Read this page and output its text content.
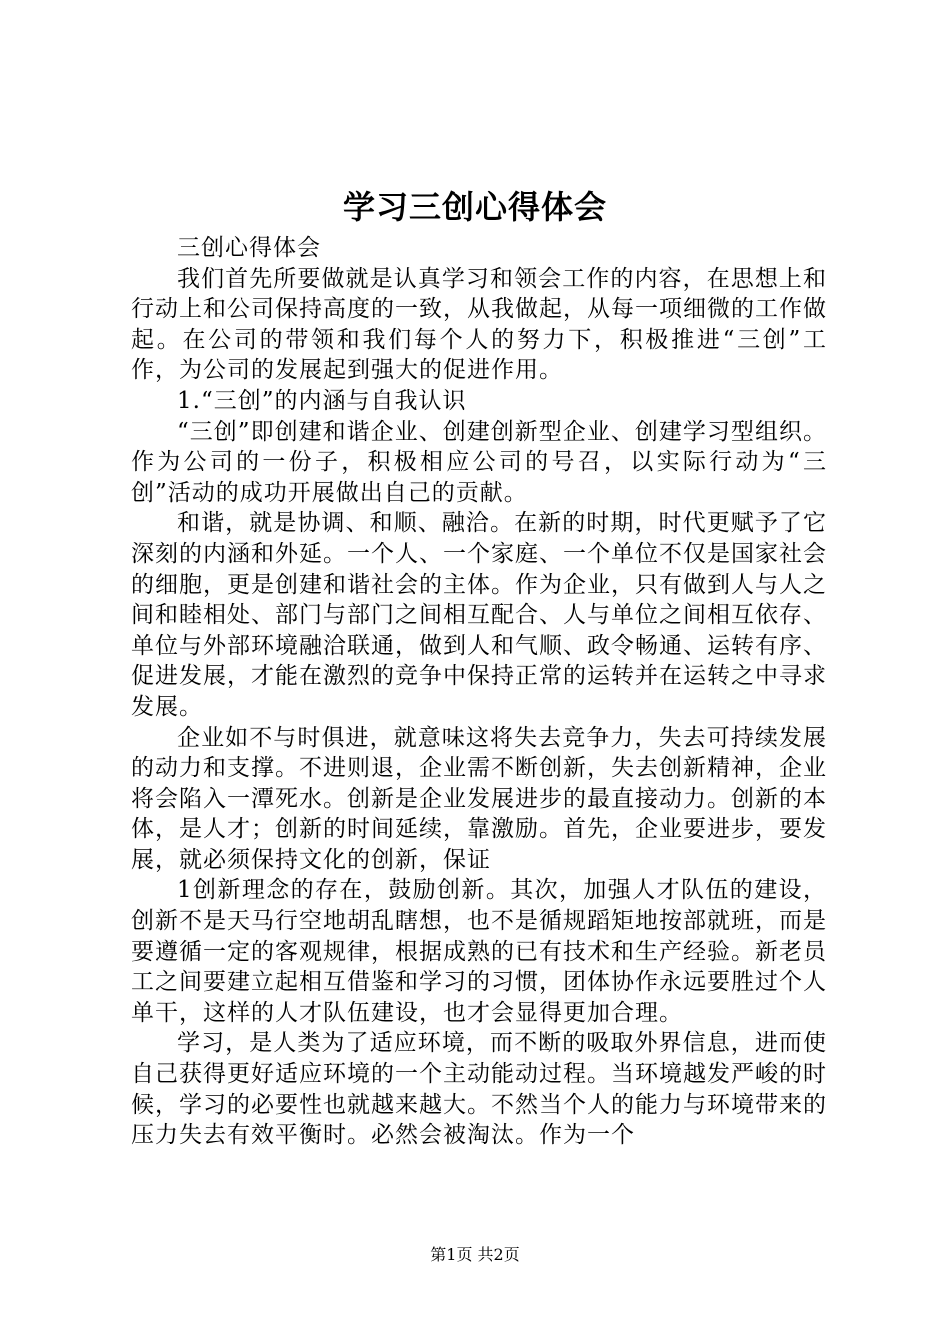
学习三创心得体会

三创心得体会

我们首先所要做就是认真学习和领会工作的内容，在思想上和行动上和公司保持高度的一致，从我做起，从每一项细微的工作做起。在公司的带领和我们每个人的努力下，积极推进“三创”工作，为公司的发展起到强大的促进作用。

1.“三创”的内涵与自我认识

“三创”即创建和谐企业、创建创新型企业、创建学习型组织。作为公司的一份子，积极相应公司的号召，以实际行动为“三创”活动的成功开展做出自己的贡献。

和谐，就是协调、和顺、融洽。在新的时期，时代更赋予了它深刻的内涵和外延。一个人、一个家庭、一个单位不仅是国家社会的细胞，更是创建和谐社会的主体。作为企业，只有做到人与人之间和睦相处、部门与部门之间相互配合、人与单位之间相互依存、单位与外部环境融洽联通，做到人和气顺、政令畅通、运转有序、促进发展，才能在激烈的竞争中保持正常的运转并在运转之中寻求发展。

企业如不与时俱进，就意味这将失去竞争力，失去可持续发展的动力和支撑。不进则退，企业需不断创新，失去创新精神，企业将会陷入一潭死水。创新是企业发展进步的最直接动力。创新的本体，是人才；创新的时间延续，靠激励。首先，企业要进步，要发展，就必须保持文化的创新，保证

1创新理念的存在，鼓励创新。其次，加强人才队伍的建设，创新不是天马行空地胡乱瞎想，也不是循规蹈矩地按部就班，而是要遵循一定的客观规律，根据成熟的已有技术和生产经验。新老员工之间要建立起相互借鉴和学习的习惯，团体协作永远要胜过个人单干，这样的人才队伍建设，也才会显得更加合理。

学习，是人类为了适应环境，而不断的吸取外界信息，进而使自己获得更好适应环境的一个主动能动过程。当环境越发严峻的时候，学习的必要性也就越来越大。不然当个人的能力与环境带来的压力失去有效平衡时。必然会被淘汰。作为一个

第1页 共2页
